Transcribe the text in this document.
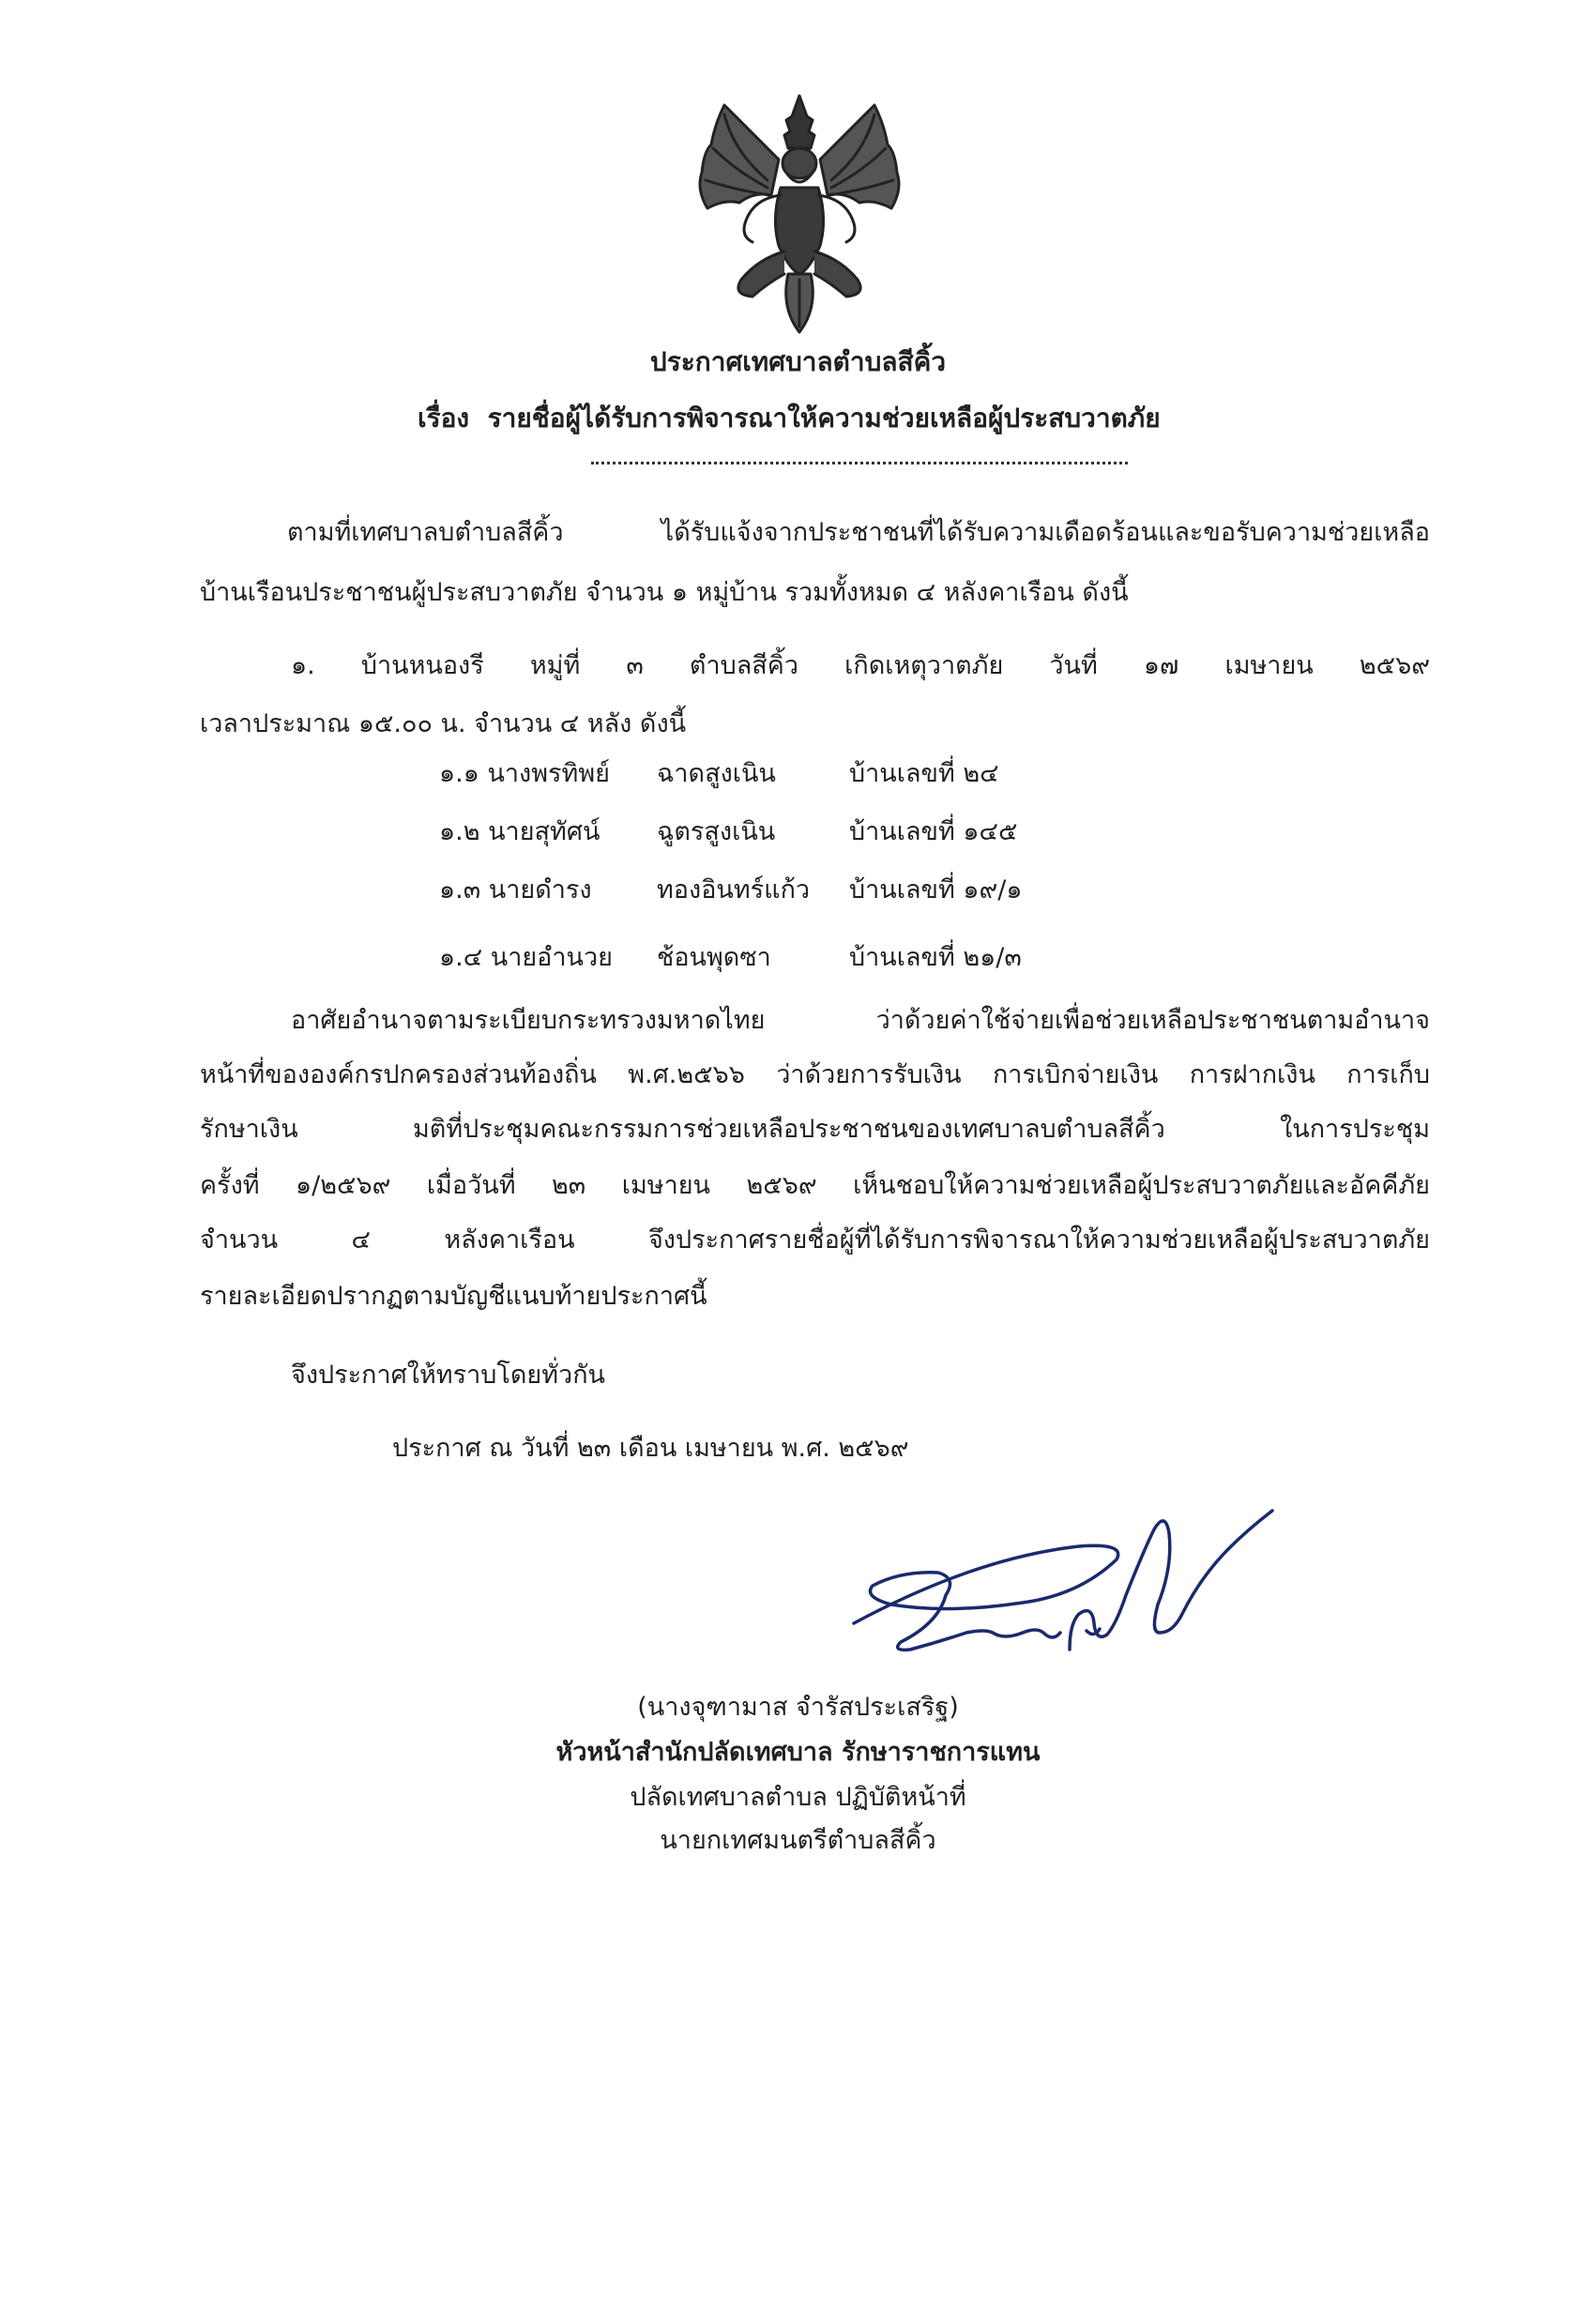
ประกาศเทศบาลตำบลสีคิ้ว
เรื่อง รายชื่อผู้ได้รับการพิจารณาให้ความช่วยเหลือผู้ประสบวาตภัย
ตามที่เทศบาลบตำบลสีคิ้ว ได้รับแจ้งจากประชาชนที่ได้รับความเดือดร้อนและขอรับความช่วยเหลือ
บ้านเรือนประชาชนผู้ประสบวาตภัย จำนวน ๑ หมู่บ้าน รวมทั้งหมด ๔ หลังคาเรือน ดังนี้
๑. บ้านหนองรี หมู่ที่ ๓ ตำบลสีคิ้ว เกิดเหตุวาตภัย วันที่ ๑๗ เมษายน ๒๕๖๙
เวลาประมาณ ๑๕.๐๐ น. จำนวน ๔ หลัง ดังนี้
๑.๑ นางพรทิพย์ ฉาดสูงเนิน	บ้านเลขที่ ๒๔
๑.๒ นายสุทัศน์ ฉูตรสูงเนิน	บ้านเลขที่ ๑๔๕
๑.๓ นายดำรง	ทองอินทร์แก้ว บ้านเลขที่ ๑๙/๑
๑.๔ นายอำนวย ช้อนพุดซา	บ้านเลขที่ ๒๑/๓
อาศัยอำนาจตามระเบียบกระทรวงมหาดไทย ว่าด้วยค่าใช้จ่ายเพื่อช่วยเหลือประชาชนตามอำนาจ
หน้าที่ขององค์กรปกครองส่วนท้องถิ่น พ.ศ.๒๕๖๖ ว่าด้วยการรับเงิน การเบิกจ่ายเงิน การฝากเงิน การเก็บ
รักษาเงิน มติที่ประชุมคณะกรรมการช่วยเหลือประชาชนของเทศบาลบตำบลสีคิ้ว ในการประชุม
ครั้งที่ ๑/๒๕๖๙ เมื่อวันที่ ๒๓ เมษายน ๒๕๖๙ เห็นชอบให้ความช่วยเหลือผู้ประสบวาตภัยและอัคคีภัย
จำนวน ๔ หลังคาเรือน จึงประกาศรายชื่อผู้ที่ได้รับการพิจารณาให้ความช่วยเหลือผู้ประสบวาตภัย
รายละเอียดปรากฏตามบัญชีแนบท้ายประกาศนี้
จึงประกาศให้ทราบโดยทั่วกัน
ประกาศ ณ วันที่ ๒๓ เดือน เมษายน พ.ศ. ๒๕๖๙
(นางจุฑามาส จำรัสประเสริฐ)
หัวหน้าสำนักปลัดเทศบาล รักษาราชการแทน
ปลัดเทศบาลตำบล ปฏิบัติหน้าที่
นายกเทศมนตรีตำบลสีคิ้ว
